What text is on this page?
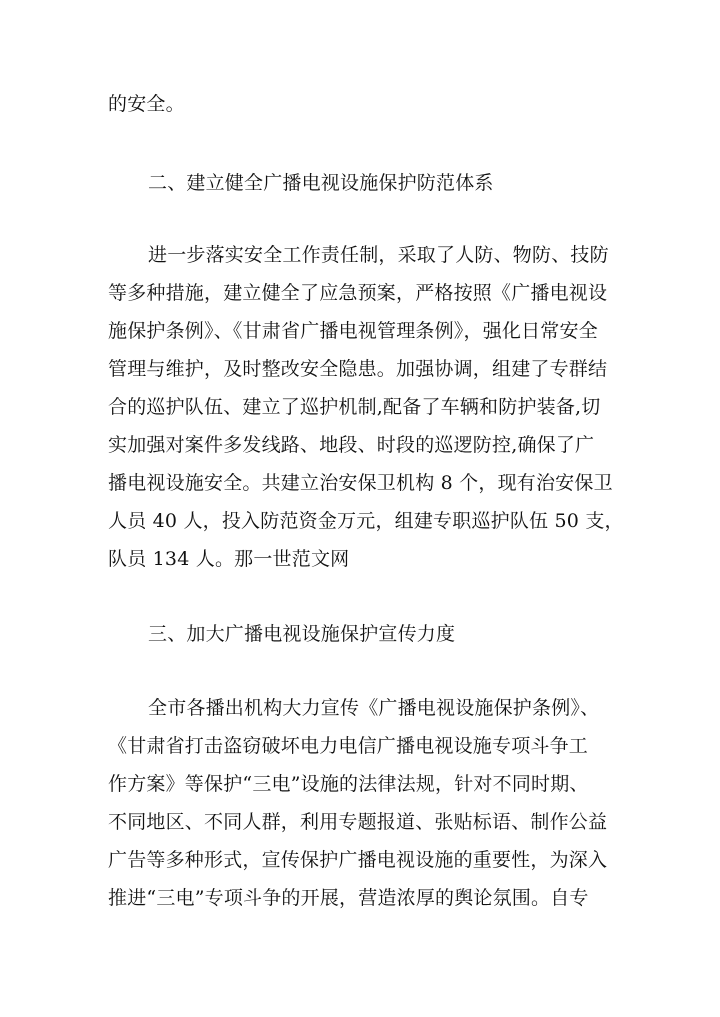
的安全。
二、建立健全广播电视设施保护防范体系
进一步落实安全工作责任制，采取了人防、物防、技防
等多种措施，建立健全了应急预案，严格按照《广播电视设
施保护条例》、《甘肃省广播电视管理条例》，强化日常安全
管理与维护，及时整改安全隐患。加强协调，组建了专群结
合的巡护队伍、建立了巡护机制,配备了车辆和防护装备,切
实加强对案件多发线路、地段、时段的巡逻防控,确保了广
播电视设施安全。共建立治安保卫机构 8 个，现有治安保卫
人员 40 人，投入防范资金万元，组建专职巡护队伍 50 支，
队员 134 人。那一世范文网
三、加大广播电视设施保护宣传力度
全市各播出机构大力宣传《广播电视设施保护条例》、
《甘肃省打击盗窃破坏电力电信广播电视设施专项斗争工
作方案》等保护“三电”设施的法律法规，针对不同时期、
不同地区、不同人群，利用专题报道、张贴标语、制作公益
广告等多种形式，宣传保护广播电视设施的重要性，为深入
推进“三电”专项斗争的开展，营造浓厚的舆论氛围。自专
